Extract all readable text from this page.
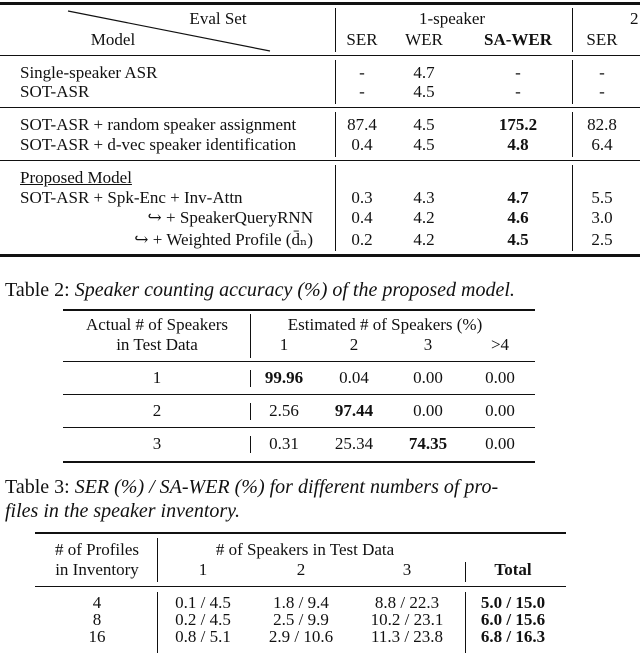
Eval Set
Model
1-speaker	2
SER WER SA-WER SER
Single-speaker ASR	-	4.7	-	-
SOT-ASR	-	4.5	-	-
SOT-ASR + random speaker assignment	87.4 4.5	175.2	82.8
SOT-ASR + d-vec speaker identification	0.4 4.5	4.8	6.4
SOT-ASR + Spk-Enc + Inv-Attn	0.3 4.3	4.7	5.5
↪ + SpeakerQueryRNN 0.4 4.2	4.6	3.0
↪ + Weighted Profile (d̄ₙ) 0.2 4.2	4.5	2.5
Proposed Model
Table 2: Speaker counting accuracy (%) of the proposed model.
Actual # of Speakers
in Test Data
Estimated # of Speakers (%)
1	2	3	>4
1	99.96 0.04	0.00 0.00
2	2.56 97.44 0.00 0.00
3	0.31 25.34 74.35 0.00
Table 3: SER (%) / SA-WER (%) for different numbers of pro-
files in the speaker inventory.
# of Profiles
in Inventory
# of Speakers in Test Data
1	2	3	Total
4	0.1 / 4.5 1.8 / 9.4	8.8 / 22.3 5.0 / 15.0
8	0.2 / 4.5 2.5 / 9.9 10.2 / 23.1 6.0 / 15.6
16	0.8 / 5.1 2.9 / 10.6 11.3 / 23.8 6.8 / 16.3
